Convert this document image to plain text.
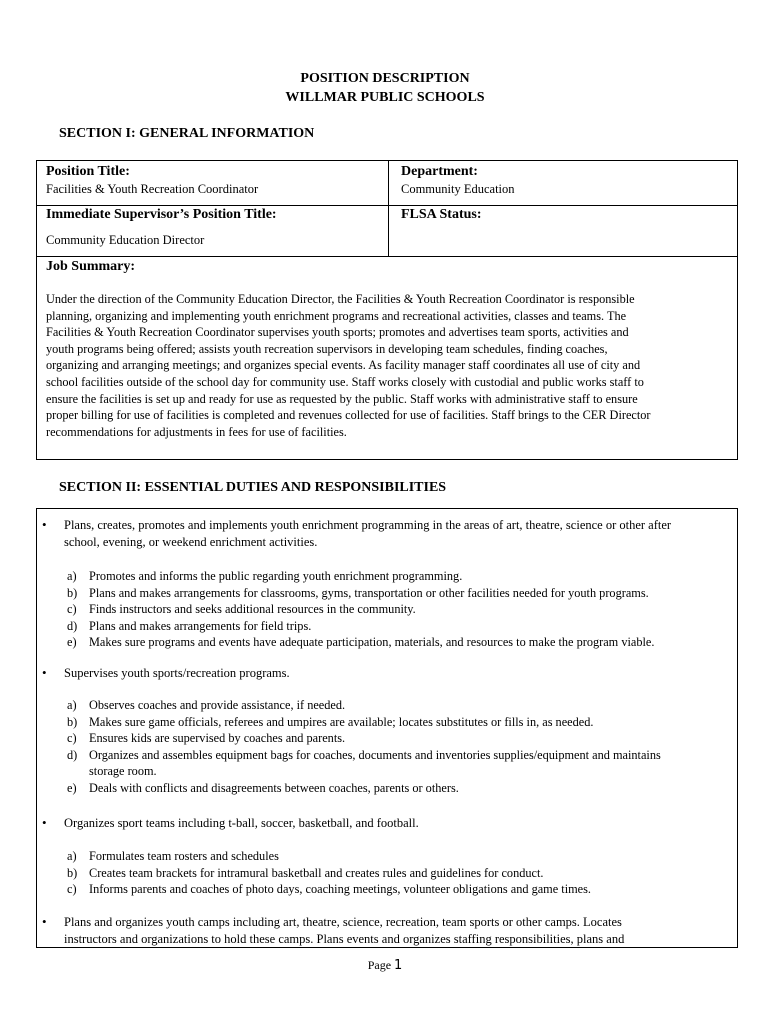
POSITION DESCRIPTION
WILLMAR PUBLIC SCHOOLS
SECTION I: GENERAL INFORMATION
Position Title:
Facilities & Youth Recreation Coordinator
Department:
Community Education
Immediate Supervisor’s Position Title:
Community Education Director
FLSA Status:
Job Summary:
Under the direction of the Community Education Director, the Facilities & Youth Recreation Coordinator is responsible
planning, organizing and implementing youth enrichment programs and recreational activities, classes and teams. The
Facilities & Youth Recreation Coordinator supervises youth sports; promotes and advertises team sports, activities and
youth programs being offered; assists youth recreation supervisors in developing team schedules, finding coaches,
organizing and arranging meetings; and organizes special events. As facility manager staff coordinates all use of city and
school facilities outside of the school day for community use. Staff works closely with custodial and public works staff to
ensure the facilities is set up and ready for use as requested by the public. Staff works with administrative staff to ensure
proper billing for use of facilities is completed and revenues collected for use of facilities. Staff brings to the CER Director
recommendations for adjustments in fees for use of facilities.
SECTION II: ESSENTIAL DUTIES AND RESPONSIBILITIES
• Plans, creates, promotes and implements youth enrichment programming in the areas of art, theatre, science or other after
school, evening, or weekend enrichment activities.
a) Promotes and informs the public regarding youth enrichment programming.
b) Plans and makes arrangements for classrooms, gyms, transportation or other facilities needed for youth programs.
c) Finds instructors and seeks additional resources in the community.
d) Plans and makes arrangements for field trips.
e) Makes sure programs and events have adequate participation, materials, and resources to make the program viable.
• Supervises youth sports/recreation programs.
a) Observes coaches and provide assistance, if needed.
b) Makes sure game officials, referees and umpires are available; locates substitutes or fills in, as needed.
c) Ensures kids are supervised by coaches and parents.
d) Organizes and assembles equipment bags for coaches, documents and inventories supplies/equipment and maintains
storage room.
e) Deals with conflicts and disagreements between coaches, parents or others.
• Organizes sport teams including t-ball, soccer, basketball, and football.
a) Formulates team rosters and schedules
b) Creates team brackets for intramural basketball and creates rules and guidelines for conduct.
c) Informs parents and coaches of photo days, coaching meetings, volunteer obligations and game times.
• Plans and organizes youth camps including art, theatre, science, recreation, team sports or other camps. Locates
instructors and organizations to hold these camps. Plans events and organizes staffing responsibilities, plans and
Page 1
